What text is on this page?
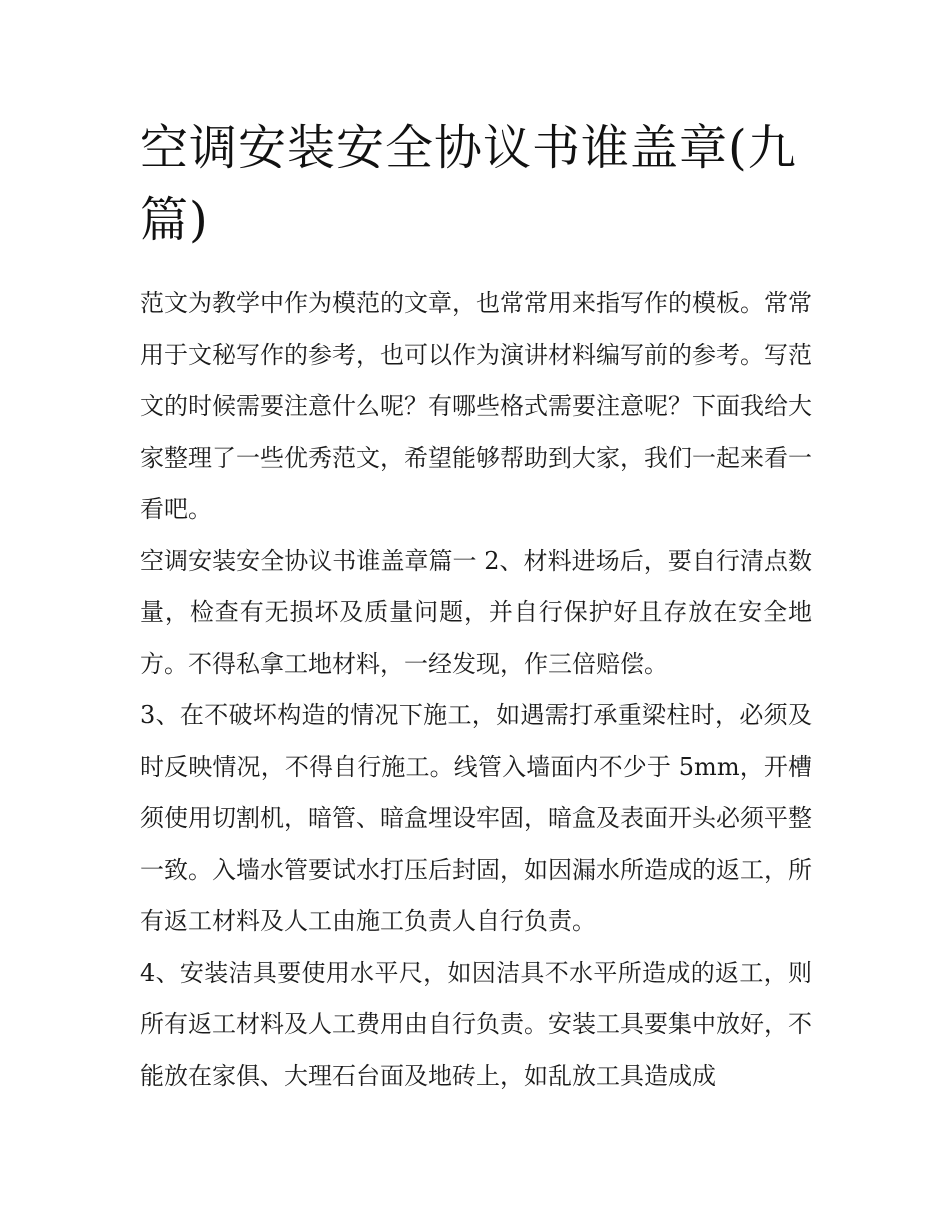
空调安装安全协议书谁盖章(九篇)

范文为教学中作为模范的文章，也常常用来指写作的模板。常常用于文秘写作的参考，也可以作为演讲材料编写前的参考。写范文的时候需要注意什么呢？有哪些格式需要注意呢？下面我给大家整理了一些优秀范文，希望能够帮助到大家，我们一起来看一看吧。

空调安装安全协议书谁盖章篇一 2、材料进场后，要自行清点数量，检查有无损坏及质量问题，并自行保护好且存放在安全地方。不得私拿工地材料，一经发现，作三倍赔偿。

3、在不破坏构造的情况下施工，如遇需打承重梁柱时，必须及时反映情况，不得自行施工。线管入墙面内不少于 5mm，开槽须使用切割机，暗管、暗盒埋设牢固，暗盒及表面开头必须平整一致。入墙水管要试水打压后封固，如因漏水所造成的返工，所有返工材料及人工由施工负责人自行负责。

4、安装洁具要使用水平尺，如因洁具不水平所造成的返工，则所有返工材料及人工费用由自行负责。安装工具要集中放好，不能放在家俱、大理石台面及地砖上，如乱放工具造成成
